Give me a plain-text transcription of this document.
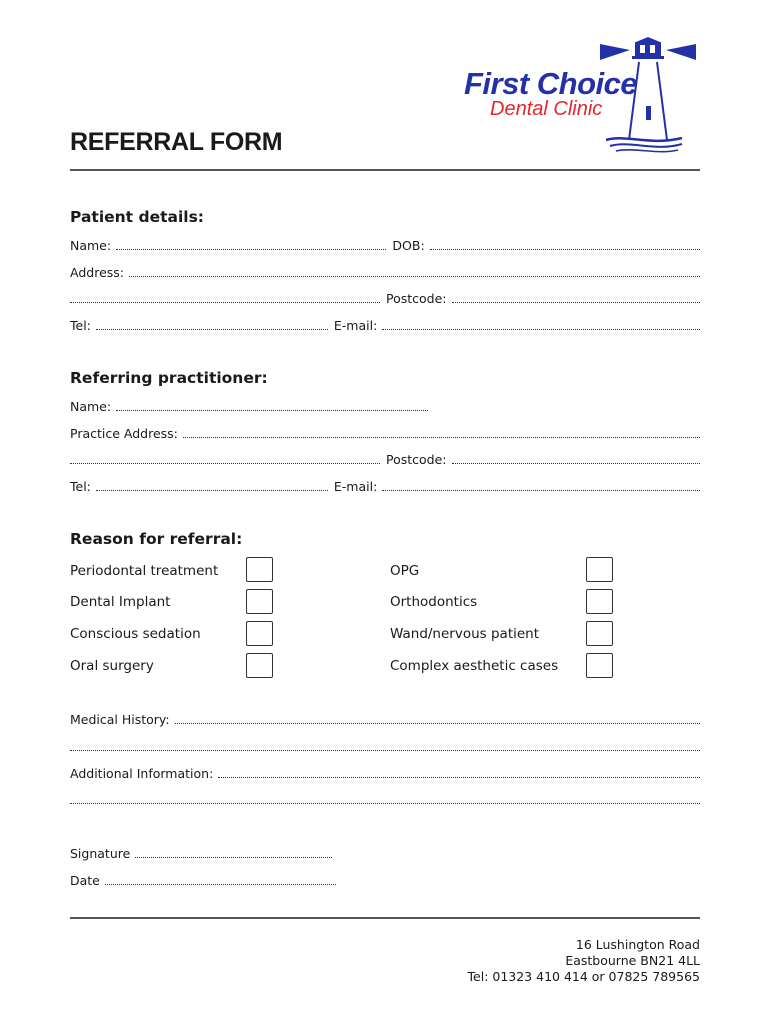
First Choice
Dental Clinic
REFERRAL FORM
Patient details:
Name:	DOB:
Address:
Postcode:
Tel:	E-mail:
Referring practitioner:
Name:
Practice Address:
Postcode:
Tel:	E-mail:
Reason for referral:
Periodontal treatment	OPG
Dental Implant	Orthodontics
Conscious sedation	Wand/nervous patient
Oral surgery	Complex aesthetic cases
Medical History:
Additional Information:
Signature
Date
16 Lushington Road
Eastbourne BN21 4LL
Tel: 01323 410 414 or 07825 789565
